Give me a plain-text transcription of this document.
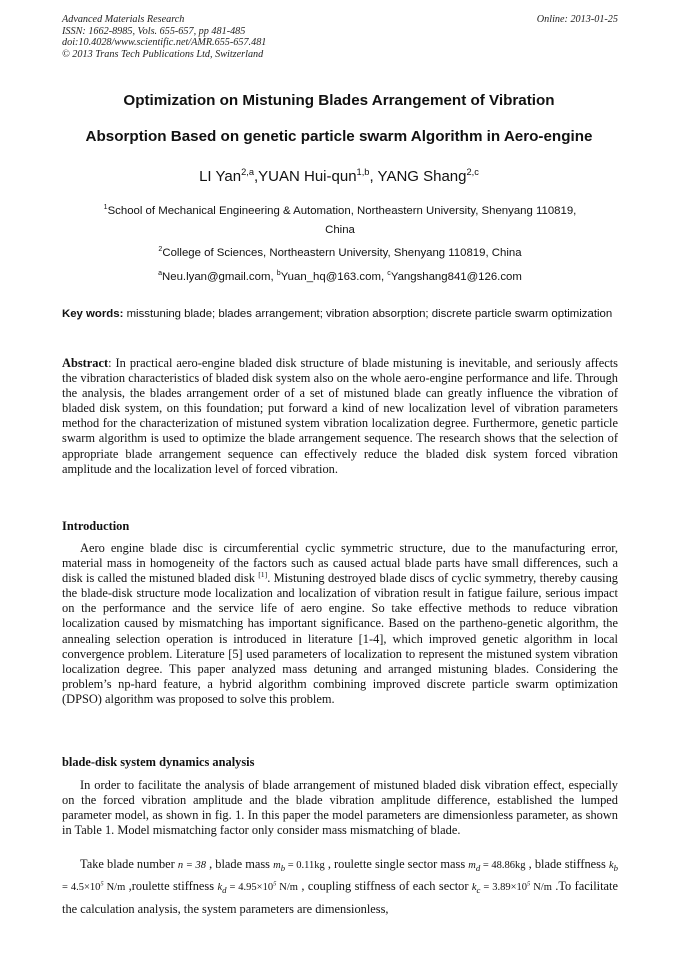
Advanced Materials Research
ISSN: 1662-8985, Vols. 655-657, pp 481-485
doi:10.4028/www.scientific.net/AMR.655-657.481
© 2013 Trans Tech Publications Ltd, Switzerland
Online: 2013-01-25
Optimization on Mistuning Blades Arrangement of Vibration
Absorption Based on genetic particle swarm Algorithm in Aero-engine
LI Yan$^{2,a}$,YUAN Hui-qun$^{1,b}$, YANG Shang$^{2,c}$
$^1$School of Mechanical Engineering & Automation, Northeastern University, Shenyang 110819,
China
$^2$College of Sciences, Northeastern University, Shenyang 110819, China
$^a$Neu.lyan@gmail.com, $^b$Yuan_hq@163.com, $^c$Yangshang841@126.com
Key words: misstuning blade; blades arrangement; vibration absorption; discrete particle swarm optimization
Abstract: In practical aero-engine bladed disk structure of blade mistuning is inevitable, and seriously affects the vibration characteristics of bladed disk system also on the whole aero-engine performance and life. Through the analysis, the blades arrangement order of a set of mistuned blade can greatly influence the vibration of bladed disk system, on this foundation; put forward a kind of new localization level of vibration parameters method for the characterization of mistuned system vibration localization degree. Furthermore, genetic particle swarm algorithm is used to optimize the blade arrangement sequence. The research shows that the selection of appropriate blade arrangement sequence can effectively reduce the bladed disk system forced vibration amplitude and the localization level of forced vibration.
Introduction
Aero engine blade disc is circumferential cyclic symmetric structure, due to the manufacturing error, material mass in homogeneity of the factors such as caused actual blade parts have small differences, such a disk is called the mistuned bladed disk [1]. Mistuning destroyed blade discs of cyclic symmetry, thereby causing the blade-disk structure mode localization and localization of vibration result in fatigue failure, serious impact on the performance and the service life of aero engine. So take effective methods to reduce vibration localization caused by mismatching has important significance. Based on the partheno-genetic algorithm, the annealing selection operation is introduced in literature [1-4], which improved genetic algorithm in local convergence problem. Literature [5] used parameters of localization to represent the mistuned system vibration localization degree. This paper analyzed mass detuning and arranged mistuning blades. Considering the problem’s np-hard feature, a hybrid algorithm combining improved discrete particle swarm optimization (DPSO) algorithm was proposed to solve this problem.
blade-disk system dynamics analysis
In order to facilitate the analysis of blade arrangement of mistuned bladed disk vibration effect, especially on the forced vibration amplitude and the blade vibration amplitude difference, established the lumped parameter model, as shown in fig. 1. In this paper the model parameters are dimensionless parameter, as shown in Table 1. Model mismatching factor only consider mass mismatching of blade.
Take blade number n = 38 , blade mass $m_b = 0.11kg$ , roulette single sector mass $m_d = 48.86kg$ , blade stiffness $k_b = 4.5\times 10^5$ N/m ,roulette stiffness $k_d = 4.95\times 10^5$ N/m , coupling stiffness of each sector $k_c = 3.89\times 10^5$ N/m .To facilitate the calculation analysis, the system parameters are dimensionless,
